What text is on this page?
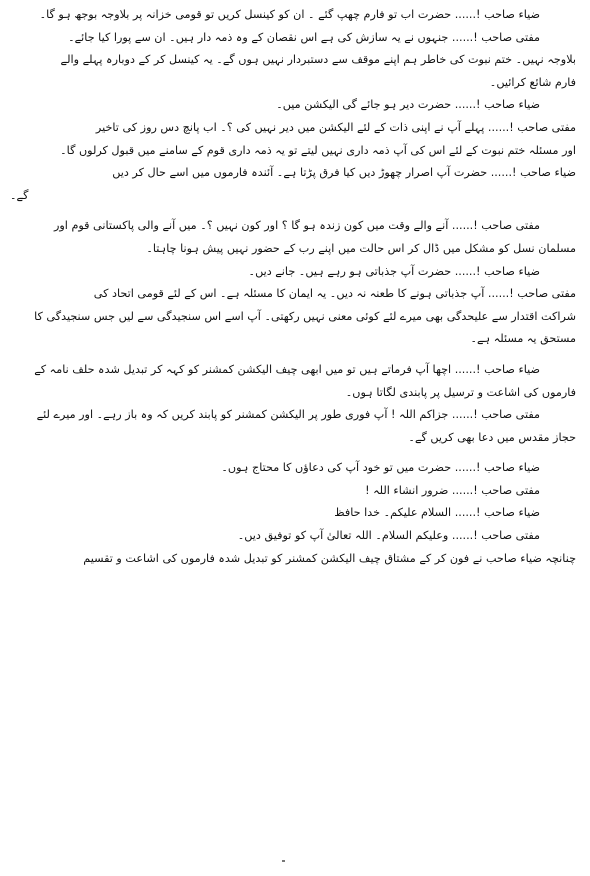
ضیاء صاحب !...... حضرت اب تو فارم چھپ گئے ۔ ان کو کینسل کریں تو قومی خزانہ پر بلاوجہ بوجھ ہو گا۔
مفتی صاحب !...... جنہوں نے یہ سازش کی ہے اس نقصان کے وہ ذمہ دار ہیں۔ ان سے پورا کیا جائے۔
بلاوجہ نہیں۔ ختم نبوت کی خاطر ہم اپنے موقف سے دستبردار نہیں ہوں گے۔ یہ کینسل کر کے دوبارہ پہلے والے
فارم شائع کرائیں۔
ضیاء صاحب !...... حضرت دیر ہو جائے گی الیکشن میں۔
مفتی صاحب !...... پہلے آپ نے اپنی ذات کے لئے الیکشن میں دیر نہیں کی ؟۔ اب پانچ دس روز کی تاخیر
اور مسئلہ ختم نبوت کے لئے اس کی آپ ذمہ داری نہیں لیتے تو یہ ذمہ داری قوم کے سامنے میں قبول کرلوں گا۔
ضیاء صاحب !...... حضرت آپ اصرار چھوڑ دیں کیا فرق پڑتا ہے۔ آئندہ فارموں میں اسے حال کر دیں
گے۔
مفتی صاحب !...... آنے والے وقت میں کون زندہ ہو گا ؟ اور کون نہیں ؟۔ میں آنے والی پاکستانی قوم اور
مسلمان نسل کو مشکل میں ڈال کر اس حالت میں اپنے رب کے حضور نہیں پیش ہونا چاہتا۔
ضیاء صاحب !...... حضرت آپ جذباتی ہو رہے ہیں۔ جانے دیں۔
مفتی صاحب !...... آپ جذباتی ہونے کا طعنہ نہ دیں۔ یہ ایمان کا مسئلہ ہے۔ اس کے لئے قومی اتحاد کی
شراکت اقتدار سے علیحدگی بھی میرے لئے کوئی معنی نہیں رکھتی۔ آپ اسے اس سنجیدگی سے لیں جس سنجیدگی کا
مستحق یہ مسئلہ ہے۔
ضیاء صاحب !...... اچھا آپ فرماتے ہیں تو میں ابھی چیف الیکشن کمشنر کو کہہ کر تبدیل شدہ حلف نامہ کے
فارموں کی اشاعت و ترسیل پر پابندی لگاتا ہوں۔
مفتی صاحب !...... جزاکم اللہ ! آپ فوری طور پر الیکشن کمشنر کو پابند کریں کہ وہ باز رہے۔ اور میرے لئے
حجاز مقدس میں دعا بھی کریں گے۔
ضیاء صاحب !...... حضرت میں تو خود آپ کی دعاؤں کا محتاج ہوں۔
مفتی صاحب !...... ضرور انشاء اللہ !
ضیاء صاحب !...... السلام علیکم۔ خدا حافظ
مفتی صاحب !...... وعلیکم السلام۔ اللہ تعالیٰ آپ کو توفیق دیں۔
چنانچہ ضیاء صاحب نے فون کر کے مشتاق چیف الیکشن کمشنر کو تبدیل شدہ فارموں کی اشاعت و تقسیم
